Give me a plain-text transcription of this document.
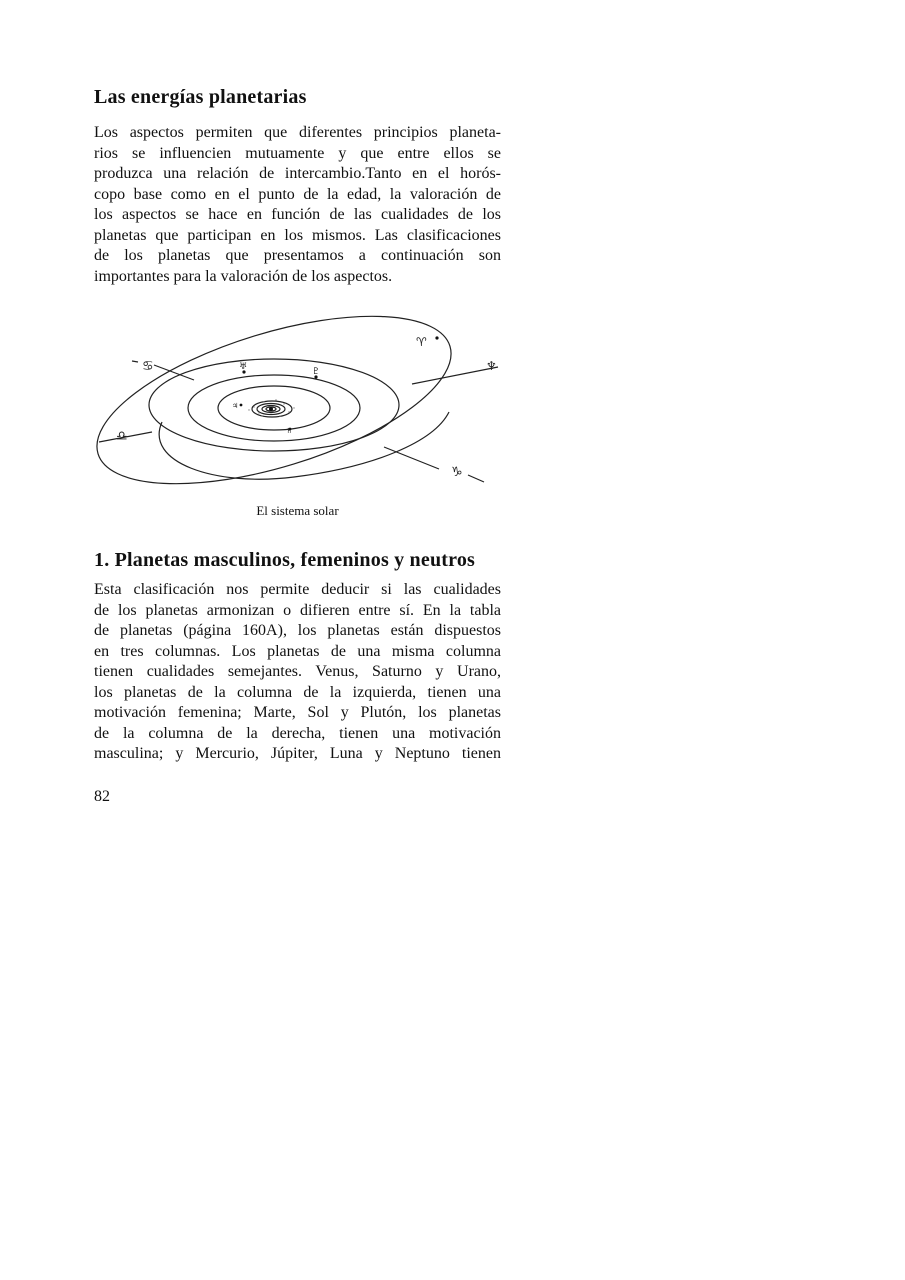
Las energías planetarias
Los aspectos permiten que diferentes principios planeta-
rios se influencien mutuamente y que entre ellos se
produzca una relación de intercambio.Tanto en el horós-
copo base como en el punto de la edad, la valoración de
los aspectos se hace en función de las cualidades de los
planetas que participan en los mismos. Las clasificaciones
de los planetas que presentamos a continuación son
importantes para la valoración de los aspectos.
♋
♎
♈
♑
♅	♆
♇
♃
♄
El sistema solar
1. Planetas masculinos, femeninos y neutros
Esta clasificación nos permite deducir si las cualidades
de los planetas armonizan o difieren entre sí. En la tabla
de planetas (página 160A), los planetas están dispuestos
en tres columnas. Los planetas de una misma columna
tienen cualidades semejantes. Venus, Saturno y Urano,
los planetas de la columna de la izquierda, tienen una
motivación femenina; Marte, Sol y Plutón, los planetas
de la columna de la derecha, tienen una motivación
masculina; y Mercurio, Júpiter, Luna y Neptuno tienen
82
